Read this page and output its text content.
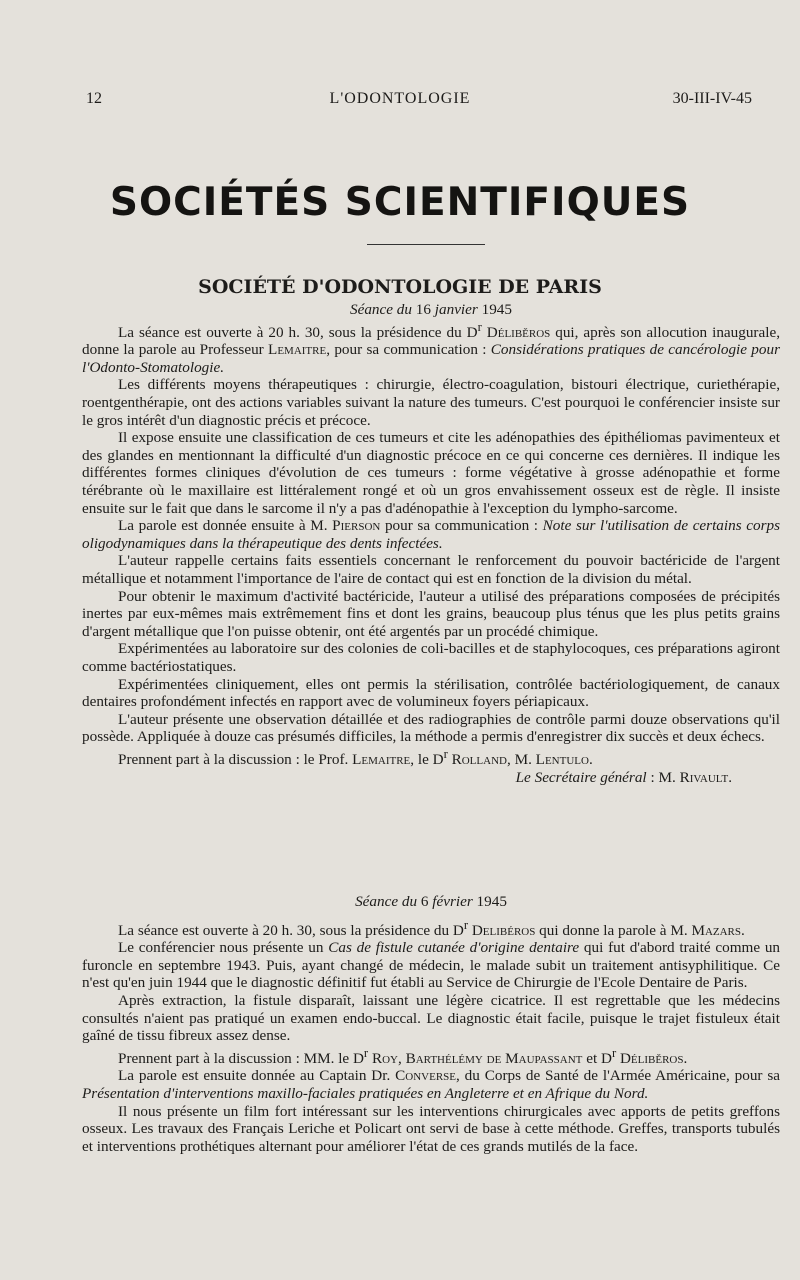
12	L'ODONTOLOGIE	30-III-IV-45
SOCIÉTÉS SCIENTIFIQUES
SOCIÉTÉ D'ODONTOLOGIE DE PARIS

Séance du 16 janvier 1945

La séance est ouverte à 20 h. 30, sous la présidence du $D^r$ Déliběros qui, après son allocution inaugurale, donne la parole au Professeur Lemaitre, pour sa communication : Considérations pratiques de cancérologie pour l'Odonto-Stomatologie.

Les différents moyens thérapeutiques : chirurgie, électro-coagulation, bistouri électrique, curiethérapie, roentgenthérapie, ont des actions variables suivant la nature des tumeurs. C'est pourquoi le conférencier insiste sur le gros intérêt d'un diagnostic précis et précoce.

Il expose ensuite une classification de ces tumeurs et cite les adénopathies des épithéliomas pavimenteux et des glandes en mentionnant la difficulté d'un diagnostic précoce en ce qui concerne ces dernières. Il indique les différentes formes cliniques d'évolution de ces tumeurs : forme végétative à grosse adénopathie et forme térébrante où le maxillaire est littéralement rongé et où un gros envahissement osseux est de règle. Il insiste ensuite sur le fait que dans le sarcome il n'y a pas d'adénopathie à l'exception du lympho-sarcome.

La parole est donnée ensuite à M. Pierson pour sa communication : Note sur l'utilisation de certains corps oligodynamiques dans la thérapeutique des dents infectées.

L'auteur rappelle certains faits essentiels concernant le renforcement du pouvoir bactéricide de l'argent métallique et notamment l'importance de l'aire de contact qui est en fonction de la division du métal.

Pour obtenir le maximum d'activité bactéricide, l'auteur a utilisé des préparations composées de précipités inertes par eux-mêmes mais extrêmement fins et dont les grains, beaucoup plus ténus que les plus petits grains d'argent métallique que l'on puisse obtenir, ont été argentés par un procédé chimique.

Expérimentées au laboratoire sur des colonies de coli-bacilles et de staphylocoques, ces préparations agiront comme bactériostatiques.

Expérimentées cliniquement, elles ont permis la stérilisation, contrôlée bactériologiquement, de canaux dentaires profondément infectés en rapport avec de volumineux foyers périapicaux.

L'auteur présente une observation détaillée et des radiographies de contrôle parmi douze observations qu'il possède. Appliquée à douze cas présumés difficiles, la méthode a permis d'enregistrer dix succès et deux échecs.

Prennent part à la discussion : le Prof. Lemaitre, le $D^r$ Rolland, M. Lentulo.

Le Secrétaire général : M. Rivault.

Séance du 6 février 1945

La séance est ouverte à 20 h. 30, sous la présidence du $D^r$ Delibéros qui donne la parole à M. Mazars.

Le conférencier nous présente un Cas de fistule cutanée d'origine dentaire qui fut d'abord traité comme un furoncle en septembre 1943. Puis, ayant changé de médecin, le malade subit un traitement antisyphilitique. Ce n'est qu'en juin 1944 que le diagnostic définitif fut établi au Service de Chirurgie de l'Ecole Dentaire de Paris.

Après extraction, la fistule disparaît, laissant une légère cicatrice. Il est regrettable que les médecins consultés n'aient pas pratiqué un examen endo-buccal. Le diagnostic était facile, puisque le trajet fistuleux était gaîné de tissu fibreux assez dense.

Prennent part à la discussion : MM. le $D^r$ Roy, Barthélémy de Maupassant et $D^r$ Déliběros.

La parole est ensuite donnée au Captain Dr. Converse, du Corps de Santé de l'Armée Américaine, pour sa Présentation d'interventions maxillo-faciales pratiquées en Angleterre et en Afrique du Nord.

Il nous présente un film fort intéressant sur les interventions chirurgicales avec apports de petits greffons osseux. Les travaux des Français Leriche et Policart ont servi de base à cette méthode. Greffes, transports tubulés et interventions prothétiques alternant pour améliorer l'état de ces grands mutilés de la face.
